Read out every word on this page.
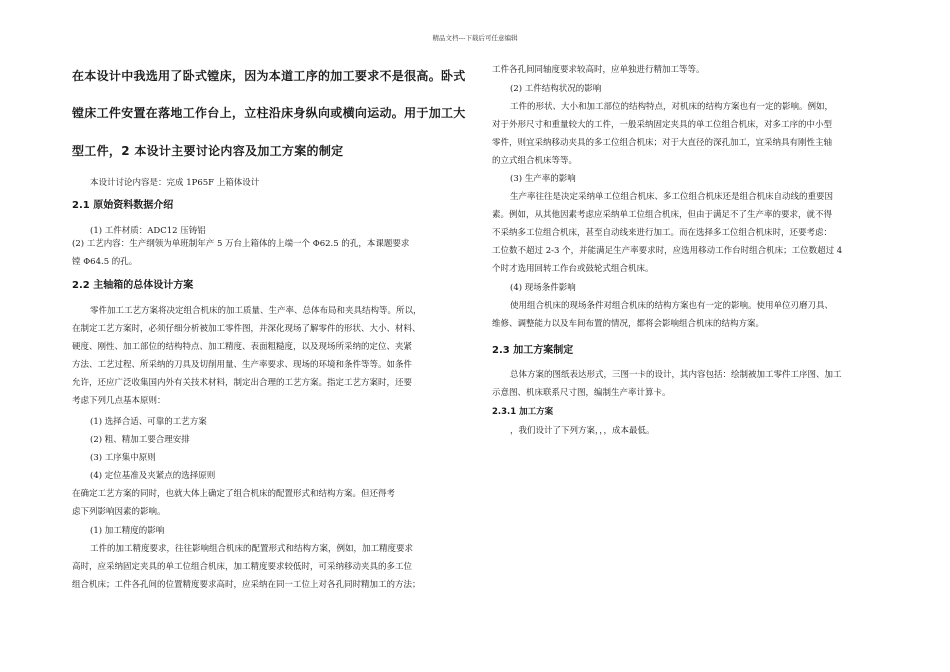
精品文档---下载后可任意编辑
在本设计中我选用了卧式镗床，因为本道工序的加工要求不是很高。卧式
镗床工件安置在落地工作台上，立柱沿床身纵向或横向运动。用于加工大
型工件，2 本设计主要讨论内容及加工方案的制定
本设计讨论内容是：完成 1P65F 上箱体设计
2.1 原始资料数据介绍
(1) 工件材质：ADC12 压铸铝
(2) 工艺内容：生产纲领为单班制年产 5 万台上箱体的上端一个 Φ62.5 的孔，本课题要求
镗 Φ64.5 的孔。
2.2 主轴箱的总体设计方案
零件加工工艺方案将决定组合机床的加工质量、生产率、总体布局和夹具结构等。所以，
在制定工艺方案时，必须仔细分析被加工零件图，并深化现场了解零件的形状、大小、材料、
硬度、刚性、加工部位的结构特点、加工精度、表面粗糙度，以及现场所采纳的定位、夹紧
方法、工艺过程、所采纳的刀具及切削用量、生产率要求、现场的环境和条件等等。如条件
允许，还应广泛收集国内外有关技术材料，制定出合理的工艺方案。指定工艺方案时，还要
考虑下列几点基本原则：
(1) 选择合适、可靠的工艺方案
(2) 粗、精加工要合理安排
(3) 工序集中原则
(4) 定位基准及夹紧点的选择原则
在确定工艺方案的同时，也就大体上确定了组合机床的配置形式和结构方案。但还得考
虑下列影响因素的影响。
(1) 加工精度的影响
工件的加工精度要求，往往影响组合机床的配置形式和结构方案，例如，加工精度要求
高时，应采纳固定夹具的单工位组合机床，加工精度要求较低时，可采纳移动夹具的多工位
组合机床；工件各孔间的位置精度要求高时，应采纳在同一工位上对各孔同时精加工的方法；
工件各孔间同轴度要求较高时，应单独进行精加工等等。
(2) 工件结构状况的影响
工件的形状、大小和加工部位的结构特点，对机床的结构方案也有一定的影响。例如，
对于外形尺寸和重量较大的工件，一般采纳固定夹具的单工位组合机床，对多工序的中小型
零件，则宜采纳移动夹具的多工位组合机床；对于大直径的深孔加工，宜采纳具有刚性主轴
的立式组合机床等等。
(3) 生产率的影响
生产率往往是决定采纳单工位组合机床、多工位组合机床还是组合机床自动线的重要因
素。例如，从其他因素考虑应采纳单工位组合机床，但由于满足不了生产率的要求，就不得
不采纳多工位组合机床，甚至自动线来进行加工。而在选择多工位组合机床时，还要考虑：
工位数不超过 2-3 个，并能满足生产率要求时，应选用移动工作台时组合机床；工位数超过 4
个时才选用回转工作台或鼓轮式组合机床。
(4) 现场条件影响
使用组合机床的现场条件对组合机床的结构方案也有一定的影响。使用单位刃磨刀具、
维修、调整能力以及车间布置的情况，都将会影响组合机床的结构方案。
2.3 加工方案制定
总体方案的图纸表达形式，三图一卡的设计，其内容包括：绘制被加工零件工序图、加工
示意图、机床联系尺寸图，编制生产率计算卡。
2.3.1 加工方案
，我们设计了下列方案，，，成本最低。
